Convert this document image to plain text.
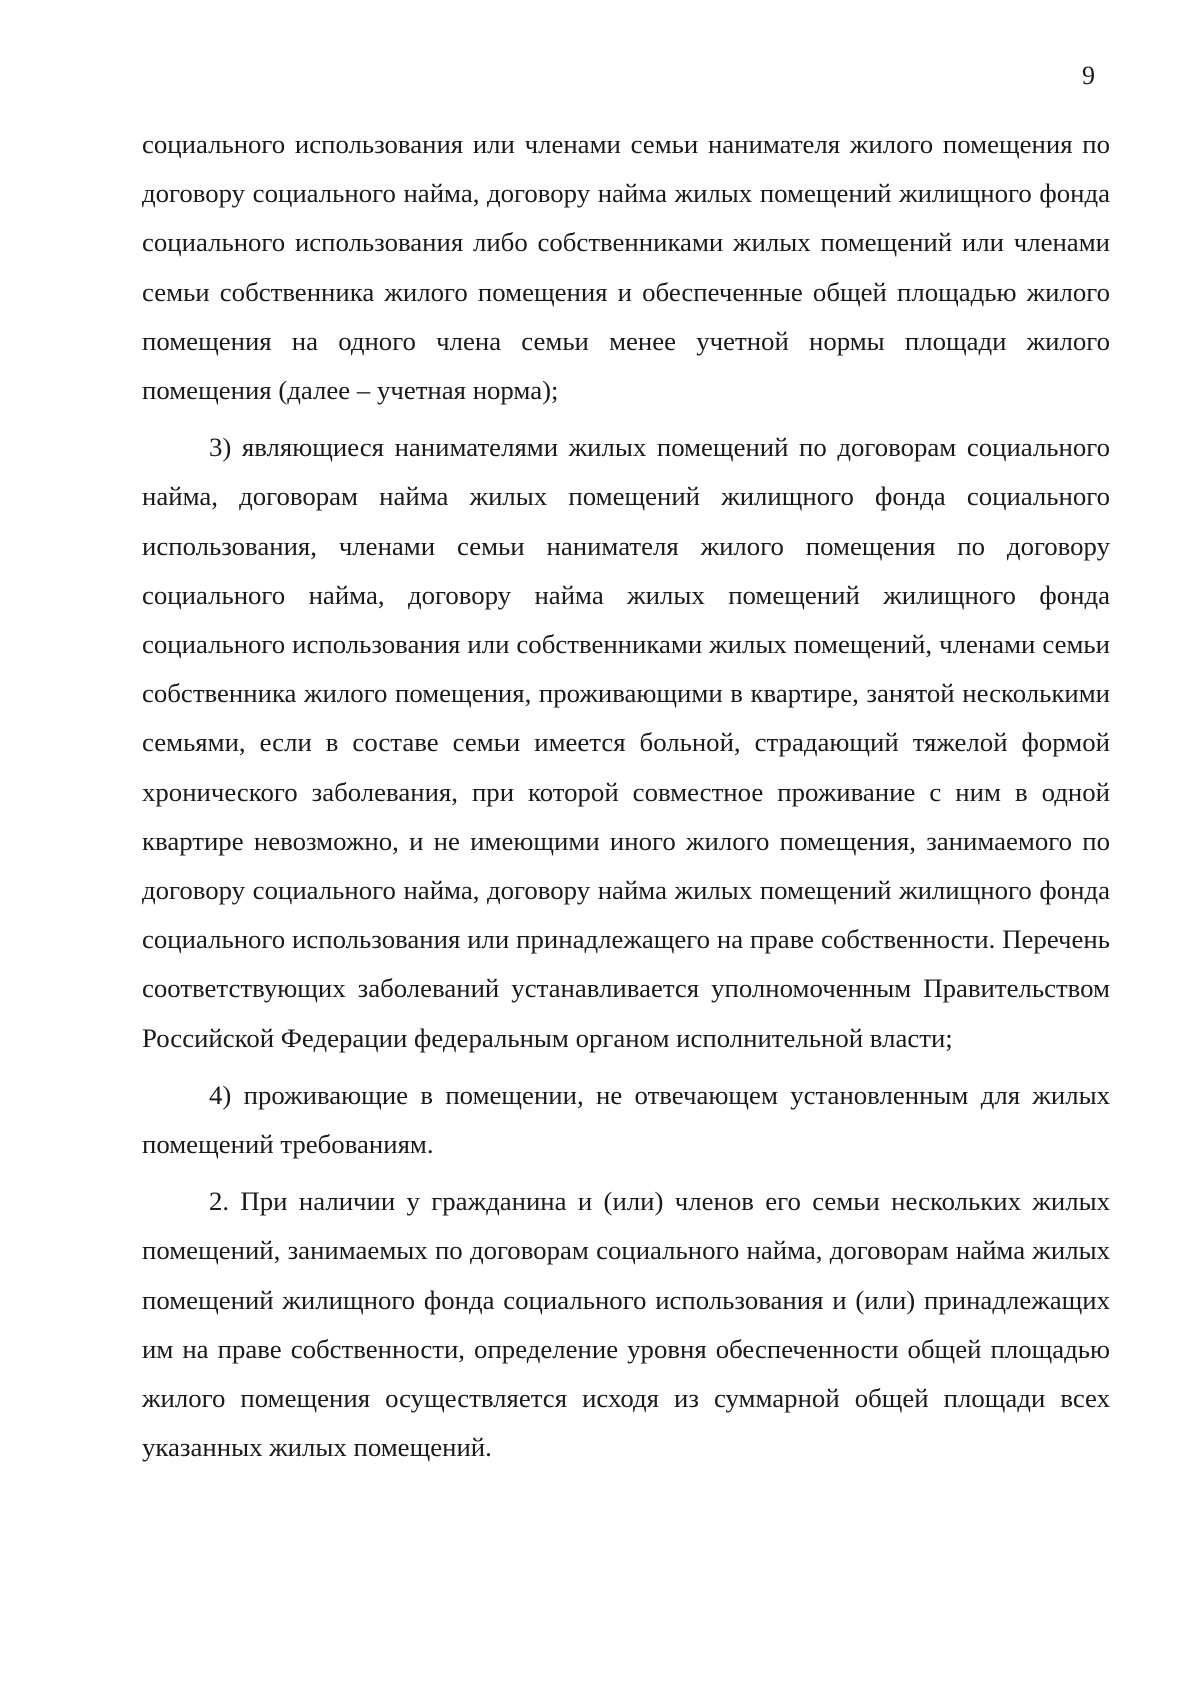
9

социального использования или членами семьи нанимателя жилого помещения по договору социального найма, договору найма жилых помещений жилищного фонда социального использования либо собственниками жилых помещений или членами семьи собственника жилого помещения и обеспеченные общей площадью жилого помещения на одного члена семьи менее учетной нормы площади жилого помещения (далее – учетная норма);

3) являющиеся нанимателями жилых помещений по договорам социального найма, договорам найма жилых помещений жилищного фонда социального использования, членами семьи нанимателя жилого помещения по договору социального найма, договору найма жилых помещений жилищного фонда социального использования или собственниками жилых помещений, членами семьи собственника жилого помещения, проживающими в квартире, занятой несколькими семьями, если в составе семьи имеется больной, страдающий тяжелой формой хронического заболевания, при которой совместное проживание с ним в одной квартире невозможно, и не имеющими иного жилого помещения, занимаемого по договору социального найма, договору найма жилых помещений жилищного фонда социального использования или принадлежащего на праве собственности. Перечень соответствующих заболеваний устанавливается уполномоченным Правительством Российской Федерации федеральным органом исполнительной власти;

4) проживающие в помещении, не отвечающем установленным для жилых помещений требованиям.

2. При наличии у гражданина и (или) членов его семьи нескольких жилых помещений, занимаемых по договорам социального найма, договорам найма жилых помещений жилищного фонда социального использования и (или) принадлежащих им на праве собственности, определение уровня обеспеченности общей площадью жилого помещения осуществляется исходя из суммарной общей площади всех указанных жилых помещений.
